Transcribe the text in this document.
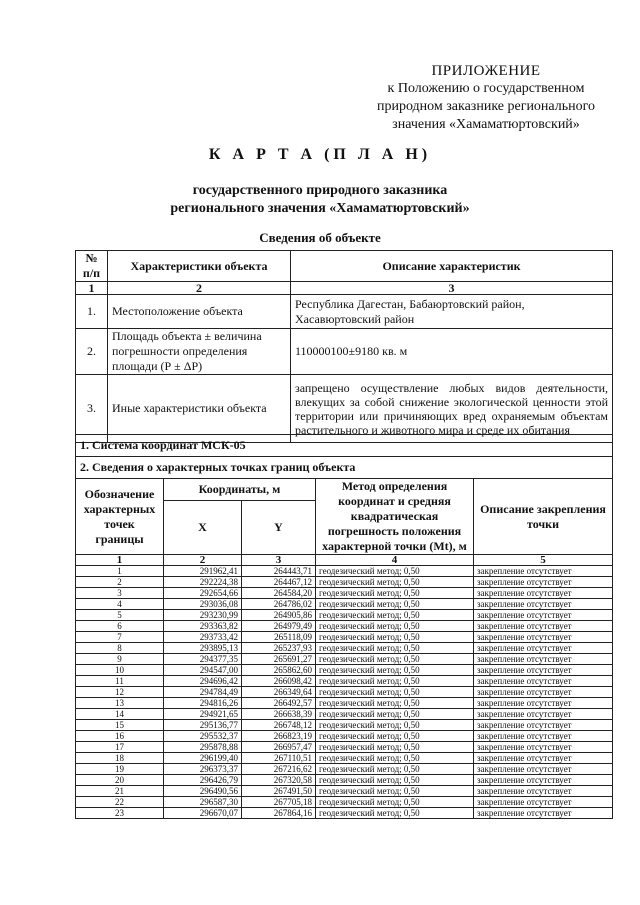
ПРИЛОЖЕНИЕ
к Положению о государственном
природном заказнике регионального
значения «Хамаматюртовский»
К А Р Т А (П Л А Н)
государственного природного заказника
регионального значения «Хамаматюртовский»
Сведения об объекте
№ п/п	Характеристики объекта	Описание характеристик
1	2	3
1.	Местоположение объекта	Республика Дагестан, Бабаюртовский район, Хасавюртовский район
2.	Площадь объекта ± величина погрешности определения площади (Р ± ΔР)	110000100±9180 кв. м
3.	Иные характеристики объекта	запрещено осуществление любых видов деятельности, влекущих за собой снижение экологической ценности этой территории или причиняющих вред охраняемым объектам растительного и животного мира и среде их обитания
1. Система координат МСК-05				
2. Сведения о характерных точках границ объекта				
Обозначение характерных точек границы	Координаты, м		Метод определения координат и средняя квадратическая погрешность положения характерной точки (Mt), м	Описание закрепления точки
	X	Y		
1	2	3	4	5
1	291962,41	264443,71	геодезический метод; 0,50	закрепление отсутствует
2	292224,38	264467,12	геодезический метод; 0,50	закрепление отсутствует
3	292654,66	264584,20	геодезический метод; 0,50	закрепление отсутствует
4	293036,08	264786,02	геодезический метод; 0,50	закрепление отсутствует
5	293230,99	264905,86	геодезический метод; 0,50	закрепление отсутствует
6	293363,82	264979,49	геодезический метод; 0,50	закрепление отсутствует
7	293733,42	265118,09	геодезический метод; 0,50	закрепление отсутствует
8	293895,13	265237,93	геодезический метод; 0,50	закрепление отсутствует
9	294377,35	265691,27	геодезический метод; 0,50	закрепление отсутствует
10	294547,00	265862,60	геодезический метод; 0,50	закрепление отсутствует
11	294696,42	266098,42	геодезический метод; 0,50	закрепление отсутствует
12	294784,49	266349,64	геодезический метод; 0,50	закрепление отсутствует
13	294816,26	266492,57	геодезический метод; 0,50	закрепление отсутствует
14	294921,65	266638,39	геодезический метод; 0,50	закрепление отсутствует
15	295136,77	266748,12	геодезический метод; 0,50	закрепление отсутствует
16	295532,37	266823,19	геодезический метод; 0,50	закрепление отсутствует
17	295878,88	266957,47	геодезический метод; 0,50	закрепление отсутствует
18	296199,40	267110,51	геодезический метод; 0,50	закрепление отсутствует
19	296373,37	267216,62	геодезический метод; 0,50	закрепление отсутствует
20	296426,79	267320,58	геодезический метод; 0,50	закрепление отсутствует
21	296490,56	267491,50	геодезический метод; 0,50	закрепление отсутствует
22	296587,30	267705,18	геодезический метод; 0,50	закрепление отсутствует
23	296670,07	267864,16	геодезический метод; 0,50	закрепление отсутствует
